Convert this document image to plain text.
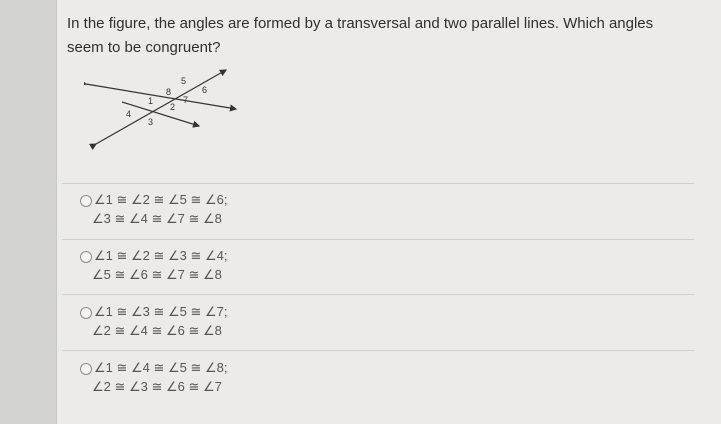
In the figure, the angles are formed by a transversal and two parallel lines. Which angles seem to be congruent?
1
2
3
4
5
6
7
8
∠1 ≅ ∠2 ≅ ∠5 ≅ ∠6;
∠3 ≅ ∠4 ≅ ∠7 ≅ ∠8
∠1 ≅ ∠2 ≅ ∠3 ≅ ∠4;
∠5 ≅ ∠6 ≅ ∠7 ≅ ∠8
∠1 ≅ ∠3 ≅ ∠5 ≅ ∠7;
∠2 ≅ ∠4 ≅ ∠6 ≅ ∠8
∠1 ≅ ∠4 ≅ ∠5 ≅ ∠8;
∠2 ≅ ∠3 ≅ ∠6 ≅ ∠7
